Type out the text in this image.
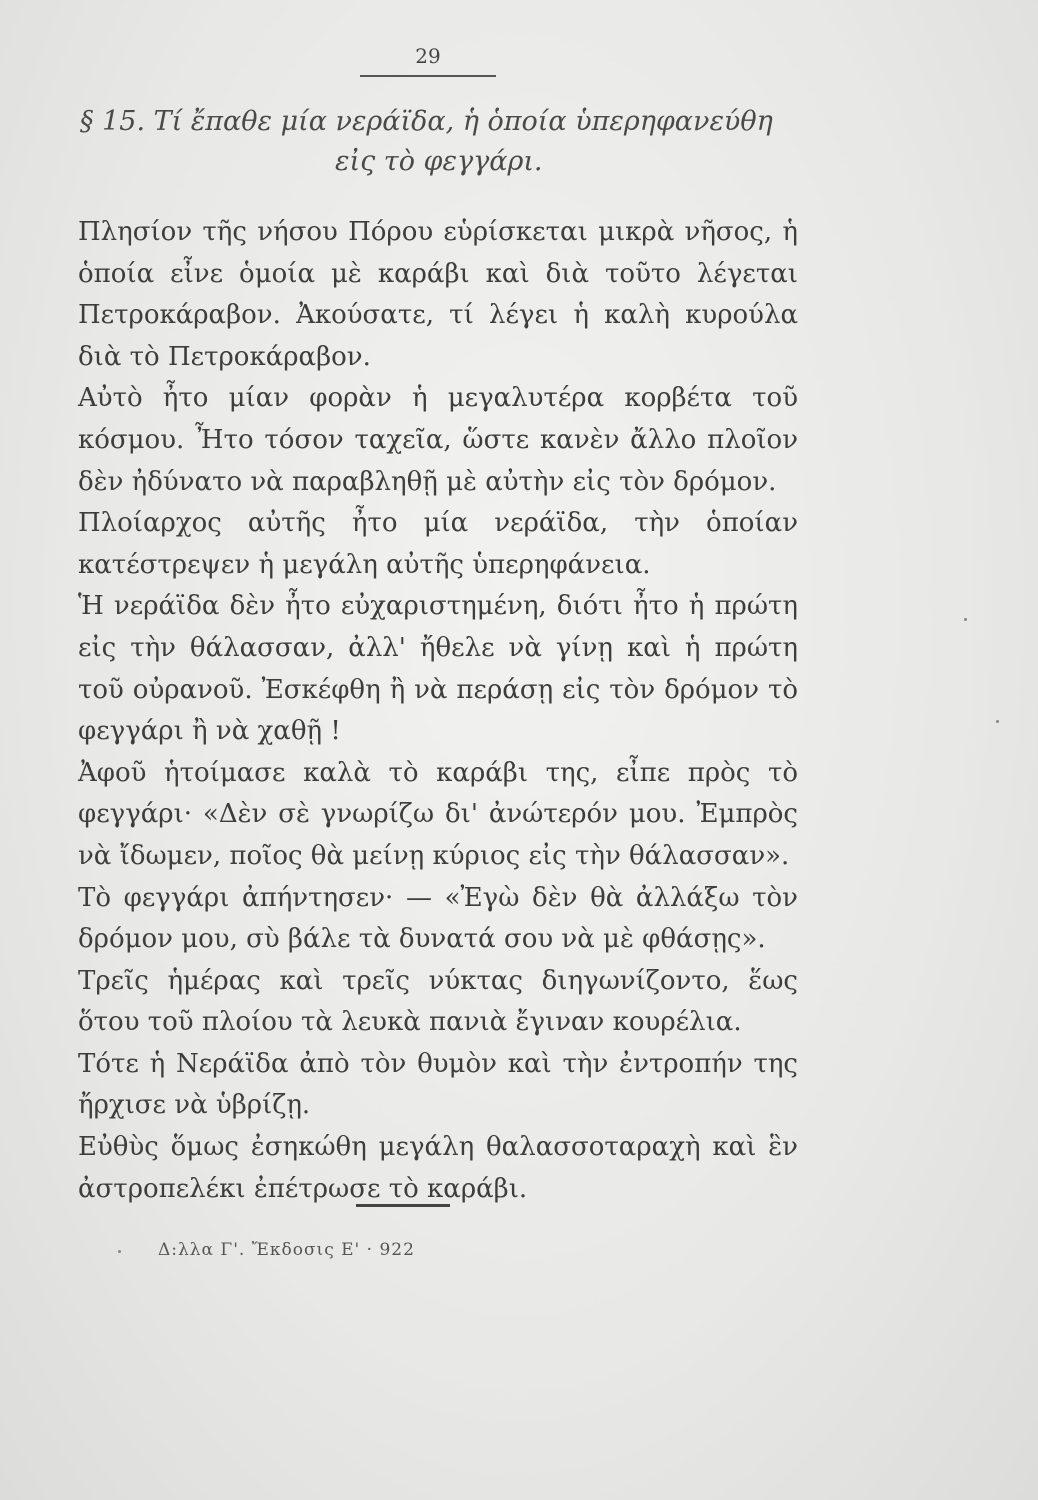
29
§ 15. Τί ἔπαθε μία νεράϊδα, ἡ ὁποία ὑπερηφανεύθη
εἰς τὸ φεγγάρι.

Πλησίον τῆς νήσου Πόρου εὑρίσκεται μικρὰ νῆσος, ἡ ὁποία εἶνε ὁμοία μὲ καράβι καὶ διὰ τοῦτο λέγεται Πετροκάραβον. Ἀκούσατε, τί λέγει ἡ καλὴ κυρούλα διὰ τὸ Πετροκάραβον.

Αὐτὸ ἦτο μίαν φορὰν ἡ μεγαλυτέρα κορβέτα τοῦ κόσμου. Ἦτο τόσον ταχεῖα, ὥστε κανὲν ἄλλο πλοῖον δὲν ἠδύνατο νὰ παραβληθῇ μὲ αὐτὴν εἰς τὸν δρόμον.

Πλοίαρχος αὐτῆς ἦτο μία νεράϊδα, τὴν ὁποίαν κατέστρεψεν ἡ μεγάλη αὐτῆς ὑπερηφάνεια.

Ἡ νεράϊδα δὲν ἦτο εὐχαριστημένη, διότι ἦτο ἡ πρώτη εἰς τὴν θάλασσαν, ἀλλ' ἤθελε νὰ γίνῃ καὶ ἡ πρώτη τοῦ οὐρανοῦ. Ἐσκέφθη ἢ νὰ περάσῃ εἰς τὸν δρόμον τὸ φεγγάρι ἢ νὰ χαθῇ !

Ἀφοῦ ἡτοίμασε καλὰ τὸ καράβι της, εἶπε πρὸς τὸ φεγγάρι· «Δὲν σὲ γνωρίζω δι' ἀνώτερόν μου. Ἐμπρὸς νὰ ἴδωμεν, ποῖος θὰ μείνῃ κύριος εἰς τὴν θάλασσαν».

Τὸ φεγγάρι ἀπήντησεν· — «Ἐγὼ δὲν θὰ ἀλλάξω τὸν δρόμον μου, σὺ βάλε τὰ δυνατά σου νὰ μὲ φθάσῃς».

Τρεῖς ἡμέρας καὶ τρεῖς νύκτας διηγωνίζοντο, ἕως ὅτου τοῦ πλοίου τὰ λευκὰ πανιὰ ἔγιναν κουρέλια.

Τότε ἡ Νεράϊδα ἀπὸ τὸν θυμὸν καὶ τὴν ἐντροπήν της ἤρχισε νὰ ὑβρίζῃ.

Εὐθὺς ὅμως ἐσηκώθη μεγάλη θαλασσοταραχὴ καὶ ἓν ἀστροπελέκι ἐπέτρωσε τὸ καράβι.

Δ:λλα Γ'. Ἔκδοσις Ε' · 922
